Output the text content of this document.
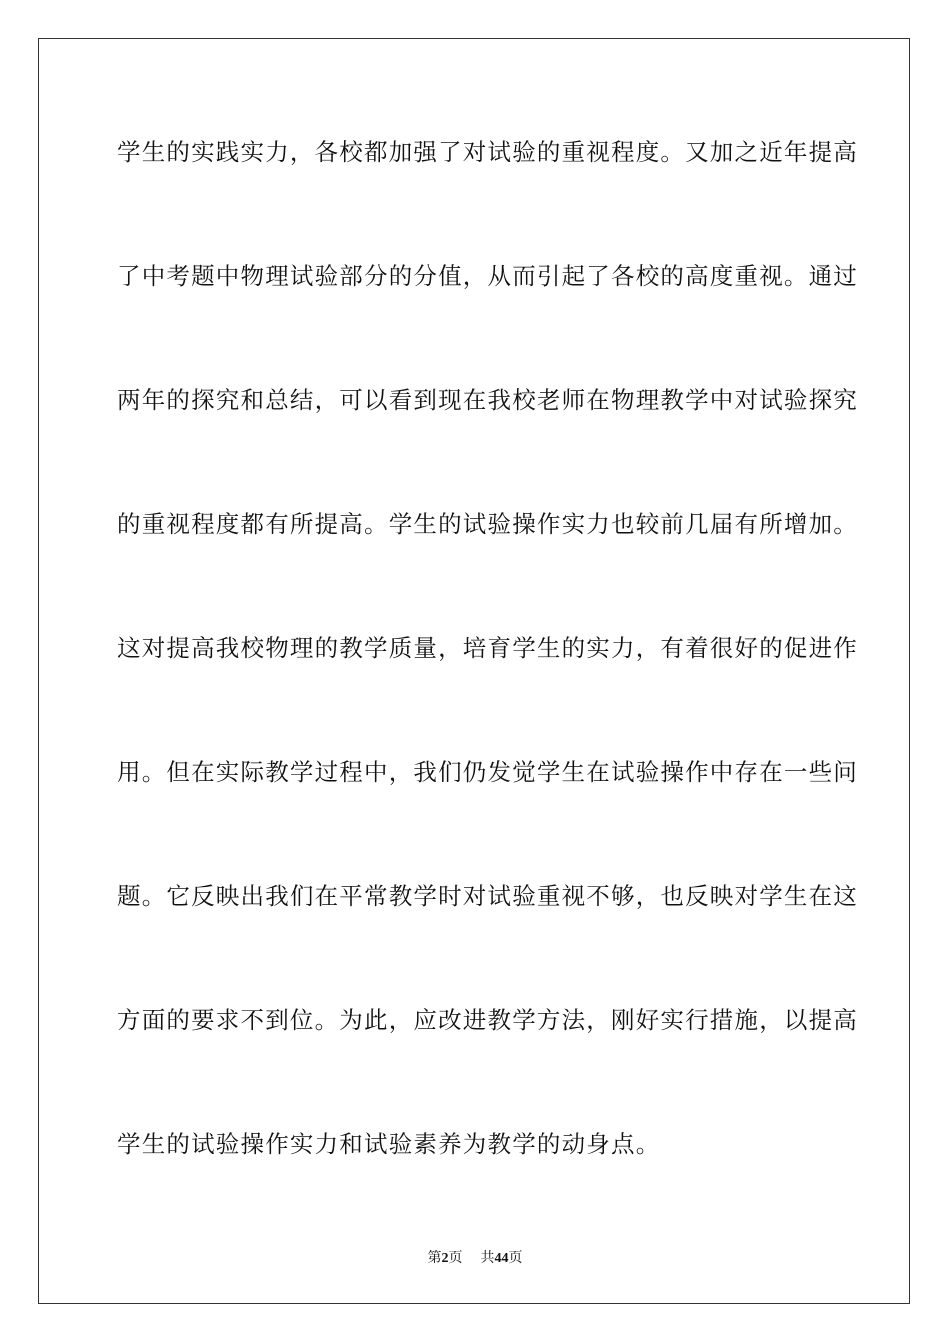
学生的实践实力，各校都加强了对试验的重视程度。又加之近年提高
了中考题中物理试验部分的分值，从而引起了各校的高度重视。通过
两年的探究和总结，可以看到现在我校老师在物理教学中对试验探究
的重视程度都有所提高。学生的试验操作实力也较前几届有所增加。
这对提高我校物理的教学质量，培育学生的实力，有着很好的促进作
用。但在实际教学过程中，我们仍发觉学生在试验操作中存在一些问
题。它反映出我们在平常教学时对试验重视不够，也反映对学生在这
方面的要求不到位。为此，应改进教学方法，刚好实行措施，以提高
学生的试验操作实力和试验素养为教学的动身点。
第2页 共44页
